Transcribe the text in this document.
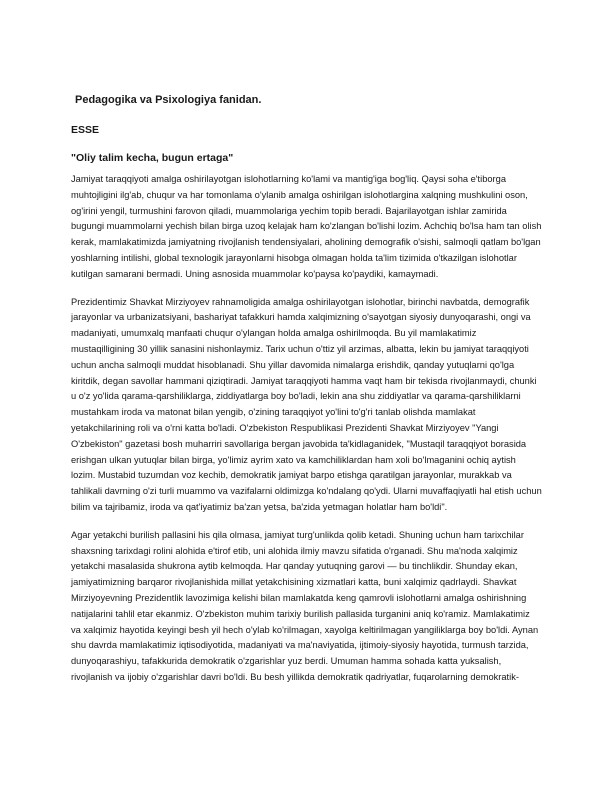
Pedagogika va Psixologiya fanidan.
ESSE
"Oliy talim kecha, bugun ertaga"

Jamiyat taraqqiyoti amalga oshirilayotgan islohotlarning ko'lami va mantig'iga bog'liq. Qaysi soha e'tiborga muhtojligini ilg'ab, chuqur va har tomonlama o'ylanib amalga oshirilgan islohotlargina xalqning mushkulini oson, og'irini yengil, turmushini farovon qiladi, muammolariga yechim topib beradi. Bajarilayotgan ishlar zamirida bugungi muammolarni yechish bilan birga uzoq kelajak ham ko'zlangan bo'lishi lozim. Achchiq bo'lsa ham tan olish kerak, mamlakatimizda jamiyatning rivojlanish tendensiyalari, aholining demografik o'sishi, salmoqli qatlam bo'lgan yoshlarning intilishi, global texnologik jarayonlarni hisobga olmagan holda ta'lim tizimida o'tkazilgan islohotlar kutilgan samarani bermadi. Uning asnosida muammolar ko'paysa ko'paydiki, kamaymadi.

Prezidentimiz Shavkat Mirziyoyev rahnamoligida amalga oshirilayotgan islohotlar, birinchi navbatda, demografik jarayonlar va urbanizatsiyani, bashariyat tafakkuri hamda xalqimizning o'sayotgan siyosiy dunyoqarashi, ongi va madaniyati, umumxalq manfaati chuqur o'ylangan holda amalga oshirilmoqda. Bu yil mamlakatimiz mustaqilligining 30 yillik sanasini nishonlaymiz. Tarix uchun o'ttiz yil arzimas, albatta, lekin bu jamiyat taraqqiyoti uchun ancha salmoqli muddat hisoblanadi. Shu yillar davomida nimalarga erishdik, qanday yutuqlarni qo'lga kiritdik, degan savollar hammani qiziqtiradi. Jamiyat taraqqiyoti hamma vaqt ham bir tekisda rivojlanmaydi, chunki u o'z yo'lida qarama-qarshiliklarga, ziddiyatlarga boy bo'ladi, lekin ana shu ziddiyatlar va qarama-qarshiliklarni mustahkam iroda va matonat bilan yengib, o'zining taraqqiyot yo'lini to'g'ri tanlab olishda mamlakat yetakchilarining roli va o'rni katta bo'ladi. O'zbekiston Respublikasi Prezidenti Shavkat Mirziyoyev "Yangi O'zbekiston" gazetasi bosh muharriri savollariga bergan javobida ta'kidlaganidek, "Mustaqil taraqqiyot borasida erishgan ulkan yutuqlar bilan birga, yo'limiz ayrim xato va kamchiliklardan ham xoli bo'lmaganini ochiq aytish lozim. Mustabid tuzumdan voz kechib, demokratik jamiyat barpo etishga qaratilgan jarayonlar, murakkab va tahlikali davrning o'zi turli muammo va vazifalarni oldimizga ko'ndalang qo'ydi. Ularni muvaffaqiyatli hal etish uchun bilim va tajribamiz, iroda va qat'iyatimiz ba'zan yetsa, ba'zida yetmagan holatlar ham bo'ldi".

Agar yetakchi burilish pallasini his qila olmasa, jamiyat turg'unlikda qolib ketadi. Shuning uchun ham tarixchilar shaxsning tarixdagi rolini alohida e'tirof etib, uni alohida ilmiy mavzu sifatida o'rganadi. Shu ma'noda xalqimiz yetakchi masalasida shukrona aytib kelmoqda. Har qanday yutuqning garovi — bu tinchlikdir. Shunday ekan, jamiyatimizning barqaror rivojlanishida millat yetakchisining xizmatlari katta, buni xalqimiz qadrlaydi. Shavkat Mirziyoyevning Prezidentlik lavozimiga kelishi bilan mamlakatda keng qamrovli islohotlarni amalga oshirishning natijalarini tahlil etar ekanmiz. O'zbekiston muhim tarixiy burilish pallasida turganini aniq ko'ramiz. Mamlakatimiz va xalqimiz hayotida keyingi besh yil hech o'ylab ko'rilmagan, xayolga keltirilmagan yangiliklarga boy bo'ldi. Aynan shu davrda mamlakatimiz iqtisodiyotida, madaniyati va ma'naviyatida, ijtimoiy-siyosiy hayotida, turmush tarzida, dunyoqarashiyu, tafakkurida demokratik o'zgarishlar yuz berdi. Umuman hamma sohada katta yuksalish, rivojlanish va ijobiy o'zgarishlar davri bo'ldi. Bu besh yillikda demokratik qadriyatlar, fuqarolarning demokratik-
